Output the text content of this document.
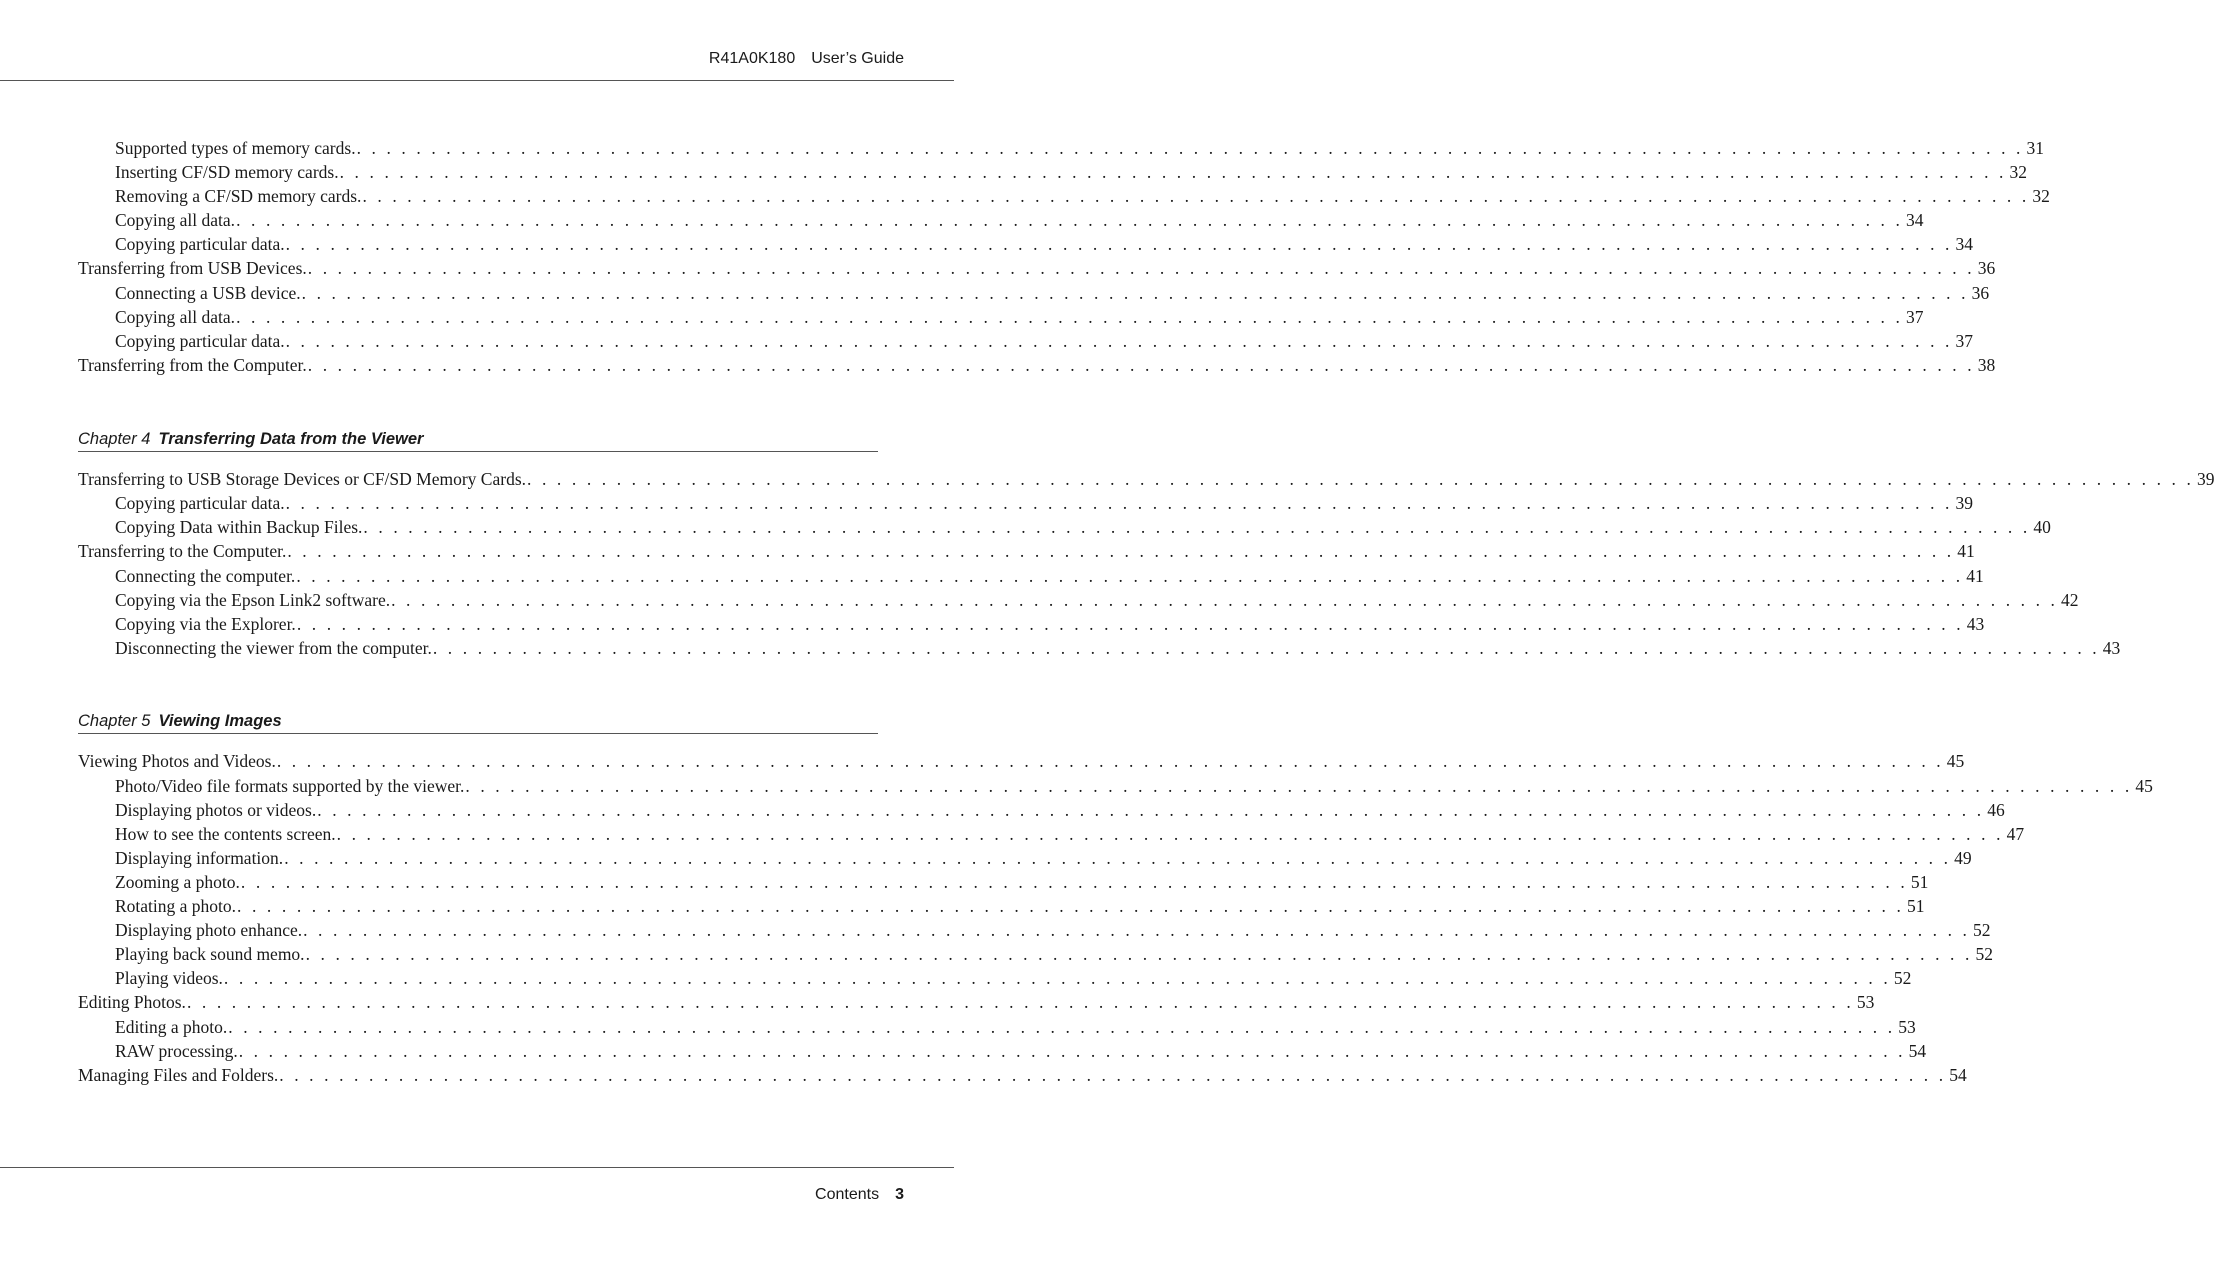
R41A0K180 User’s Guide
Supported types of memory cards. . . . . . . . . . . . . . . . . . . . . . . . . . . . . . . . . . . . . . . . . . . . . . . . . . . . . . . . . . . . . . . . . . . . . . . . . . . . . . . . . . . . . . . . . . . . . . . . . . . . . . . . . . . . . . . . . 31
Inserting CF/SD memory cards. . . . . . . . . . . . . . . . . . . . . . . . . . . . . . . . . . . . . . . . . . . . . . . . . . . . . . . . . . . . . . . . . . . . . . . . . . . . . . . . . . . . . . . . . . . . . . . . . . . . . . . . . . . . . . . . . 32
Removing a CF/SD memory cards. . . . . . . . . . . . . . . . . . . . . . . . . . . . . . . . . . . . . . . . . . . . . . . . . . . . . . . . . . . . . . . . . . . . . . . . . . . . . . . . . . . . . . . . . . . . . . . . . . . . . . . . . . . . . . . . . 32
Copying all data. . . . . . . . . . . . . . . . . . . . . . . . . . . . . . . . . . . . . . . . . . . . . . . . . . . . . . . . . . . . . . . . . . . . . . . . . . . . . . . . . . . . . . . . . . . . . . . . . . . . . . . . . . . . . . . . . 34
Copying particular data. . . . . . . . . . . . . . . . . . . . . . . . . . . . . . . . . . . . . . . . . . . . . . . . . . . . . . . . . . . . . . . . . . . . . . . . . . . . . . . . . . . . . . . . . . . . . . . . . . . . . . . . . . . . . . . . . 34
Transferring from USB Devices. . . . . . . . . . . . . . . . . . . . . . . . . . . . . . . . . . . . . . . . . . . . . . . . . . . . . . . . . . . . . . . . . . . . . . . . . . . . . . . . . . . . . . . . . . . . . . . . . . . . . . . . . . . . . . . . . 36
Connecting a USB device. . . . . . . . . . . . . . . . . . . . . . . . . . . . . . . . . . . . . . . . . . . . . . . . . . . . . . . . . . . . . . . . . . . . . . . . . . . . . . . . . . . . . . . . . . . . . . . . . . . . . . . . . . . . . . . . . 36
Copying all data. . . . . . . . . . . . . . . . . . . . . . . . . . . . . . . . . . . . . . . . . . . . . . . . . . . . . . . . . . . . . . . . . . . . . . . . . . . . . . . . . . . . . . . . . . . . . . . . . . . . . . . . . . . . . . . . . 37
Copying particular data. . . . . . . . . . . . . . . . . . . . . . . . . . . . . . . . . . . . . . . . . . . . . . . . . . . . . . . . . . . . . . . . . . . . . . . . . . . . . . . . . . . . . . . . . . . . . . . . . . . . . . . . . . . . . . . . . 37
Transferring from the Computer. . . . . . . . . . . . . . . . . . . . . . . . . . . . . . . . . . . . . . . . . . . . . . . . . . . . . . . . . . . . . . . . . . . . . . . . . . . . . . . . . . . . . . . . . . . . . . . . . . . . . . . . . . . . . . . . . 38
Chapter 4 Transferring Data from the Viewer
Transferring to USB Storage Devices or CF/SD Memory Cards. . . . . . . . . . . . . . . . . . . . . . . . . . . . . . . . . . . . . . . . . . . . . . . . . . . . . . . . . . . . . . . . . . . . . . . . . . . . . . . . . . . . . . . . . . . . . . . . . . . . . . . . . . . . . . . . . 39
Copying particular data. . . . . . . . . . . . . . . . . . . . . . . . . . . . . . . . . . . . . . . . . . . . . . . . . . . . . . . . . . . . . . . . . . . . . . . . . . . . . . . . . . . . . . . . . . . . . . . . . . . . . . . . . . . . . . . . . 39
Copying Data within Backup Files. . . . . . . . . . . . . . . . . . . . . . . . . . . . . . . . . . . . . . . . . . . . . . . . . . . . . . . . . . . . . . . . . . . . . . . . . . . . . . . . . . . . . . . . . . . . . . . . . . . . . . . . . . . . . . . . . 40
Transferring to the Computer. . . . . . . . . . . . . . . . . . . . . . . . . . . . . . . . . . . . . . . . . . . . . . . . . . . . . . . . . . . . . . . . . . . . . . . . . . . . . . . . . . . . . . . . . . . . . . . . . . . . . . . . . . . . . . . . . 41
Connecting the computer. . . . . . . . . . . . . . . . . . . . . . . . . . . . . . . . . . . . . . . . . . . . . . . . . . . . . . . . . . . . . . . . . . . . . . . . . . . . . . . . . . . . . . . . . . . . . . . . . . . . . . . . . . . . . . . . . 41
Copying via the Epson Link2 software. . . . . . . . . . . . . . . . . . . . . . . . . . . . . . . . . . . . . . . . . . . . . . . . . . . . . . . . . . . . . . . . . . . . . . . . . . . . . . . . . . . . . . . . . . . . . . . . . . . . . . . . . . . . . . . . . 42
Copying via the Explorer. . . . . . . . . . . . . . . . . . . . . . . . . . . . . . . . . . . . . . . . . . . . . . . . . . . . . . . . . . . . . . . . . . . . . . . . . . . . . . . . . . . . . . . . . . . . . . . . . . . . . . . . . . . . . . . . . 43
Disconnecting the viewer from the computer. . . . . . . . . . . . . . . . . . . . . . . . . . . . . . . . . . . . . . . . . . . . . . . . . . . . . . . . . . . . . . . . . . . . . . . . . . . . . . . . . . . . . . . . . . . . . . . . . . . . . . . . . . . . . . . . . 43
Chapter 5 Viewing Images
Viewing Photos and Videos. . . . . . . . . . . . . . . . . . . . . . . . . . . . . . . . . . . . . . . . . . . . . . . . . . . . . . . . . . . . . . . . . . . . . . . . . . . . . . . . . . . . . . . . . . . . . . . . . . . . . . . . . . . . . . . . . 45
Photo/Video file formats supported by the viewer. . . . . . . . . . . . . . . . . . . . . . . . . . . . . . . . . . . . . . . . . . . . . . . . . . . . . . . . . . . . . . . . . . . . . . . . . . . . . . . . . . . . . . . . . . . . . . . . . . . . . . . . . . . . . . . . . 45
Displaying photos or videos. . . . . . . . . . . . . . . . . . . . . . . . . . . . . . . . . . . . . . . . . . . . . . . . . . . . . . . . . . . . . . . . . . . . . . . . . . . . . . . . . . . . . . . . . . . . . . . . . . . . . . . . . . . . . . . . . 46
How to see the contents screen. . . . . . . . . . . . . . . . . . . . . . . . . . . . . . . . . . . . . . . . . . . . . . . . . . . . . . . . . . . . . . . . . . . . . . . . . . . . . . . . . . . . . . . . . . . . . . . . . . . . . . . . . . . . . . . . . 47
Displaying information. . . . . . . . . . . . . . . . . . . . . . . . . . . . . . . . . . . . . . . . . . . . . . . . . . . . . . . . . . . . . . . . . . . . . . . . . . . . . . . . . . . . . . . . . . . . . . . . . . . . . . . . . . . . . . . . . 49
Zooming a photo. . . . . . . . . . . . . . . . . . . . . . . . . . . . . . . . . . . . . . . . . . . . . . . . . . . . . . . . . . . . . . . . . . . . . . . . . . . . . . . . . . . . . . . . . . . . . . . . . . . . . . . . . . . . . . . . . 51
Rotating a photo. . . . . . . . . . . . . . . . . . . . . . . . . . . . . . . . . . . . . . . . . . . . . . . . . . . . . . . . . . . . . . . . . . . . . . . . . . . . . . . . . . . . . . . . . . . . . . . . . . . . . . . . . . . . . . . . . 51
Displaying photo enhance. . . . . . . . . . . . . . . . . . . . . . . . . . . . . . . . . . . . . . . . . . . . . . . . . . . . . . . . . . . . . . . . . . . . . . . . . . . . . . . . . . . . . . . . . . . . . . . . . . . . . . . . . . . . . . . . . 52
Playing back sound memo. . . . . . . . . . . . . . . . . . . . . . . . . . . . . . . . . . . . . . . . . . . . . . . . . . . . . . . . . . . . . . . . . . . . . . . . . . . . . . . . . . . . . . . . . . . . . . . . . . . . . . . . . . . . . . . . . 52
Playing videos. . . . . . . . . . . . . . . . . . . . . . . . . . . . . . . . . . . . . . . . . . . . . . . . . . . . . . . . . . . . . . . . . . . . . . . . . . . . . . . . . . . . . . . . . . . . . . . . . . . . . . . . . . . . . . . . . 52
Editing Photos. . . . . . . . . . . . . . . . . . . . . . . . . . . . . . . . . . . . . . . . . . . . . . . . . . . . . . . . . . . . . . . . . . . . . . . . . . . . . . . . . . . . . . . . . . . . . . . . . . . . . . . . . . . . . . . . . 53
Editing a photo. . . . . . . . . . . . . . . . . . . . . . . . . . . . . . . . . . . . . . . . . . . . . . . . . . . . . . . . . . . . . . . . . . . . . . . . . . . . . . . . . . . . . . . . . . . . . . . . . . . . . . . . . . . . . . . . . 53
RAW processing. . . . . . . . . . . . . . . . . . . . . . . . . . . . . . . . . . . . . . . . . . . . . . . . . . . . . . . . . . . . . . . . . . . . . . . . . . . . . . . . . . . . . . . . . . . . . . . . . . . . . . . . . . . . . . . . . 54
Managing Files and Folders. . . . . . . . . . . . . . . . . . . . . . . . . . . . . . . . . . . . . . . . . . . . . . . . . . . . . . . . . . . . . . . . . . . . . . . . . . . . . . . . . . . . . . . . . . . . . . . . . . . . . . . . . . . . . . . . . 54
Contents 3
